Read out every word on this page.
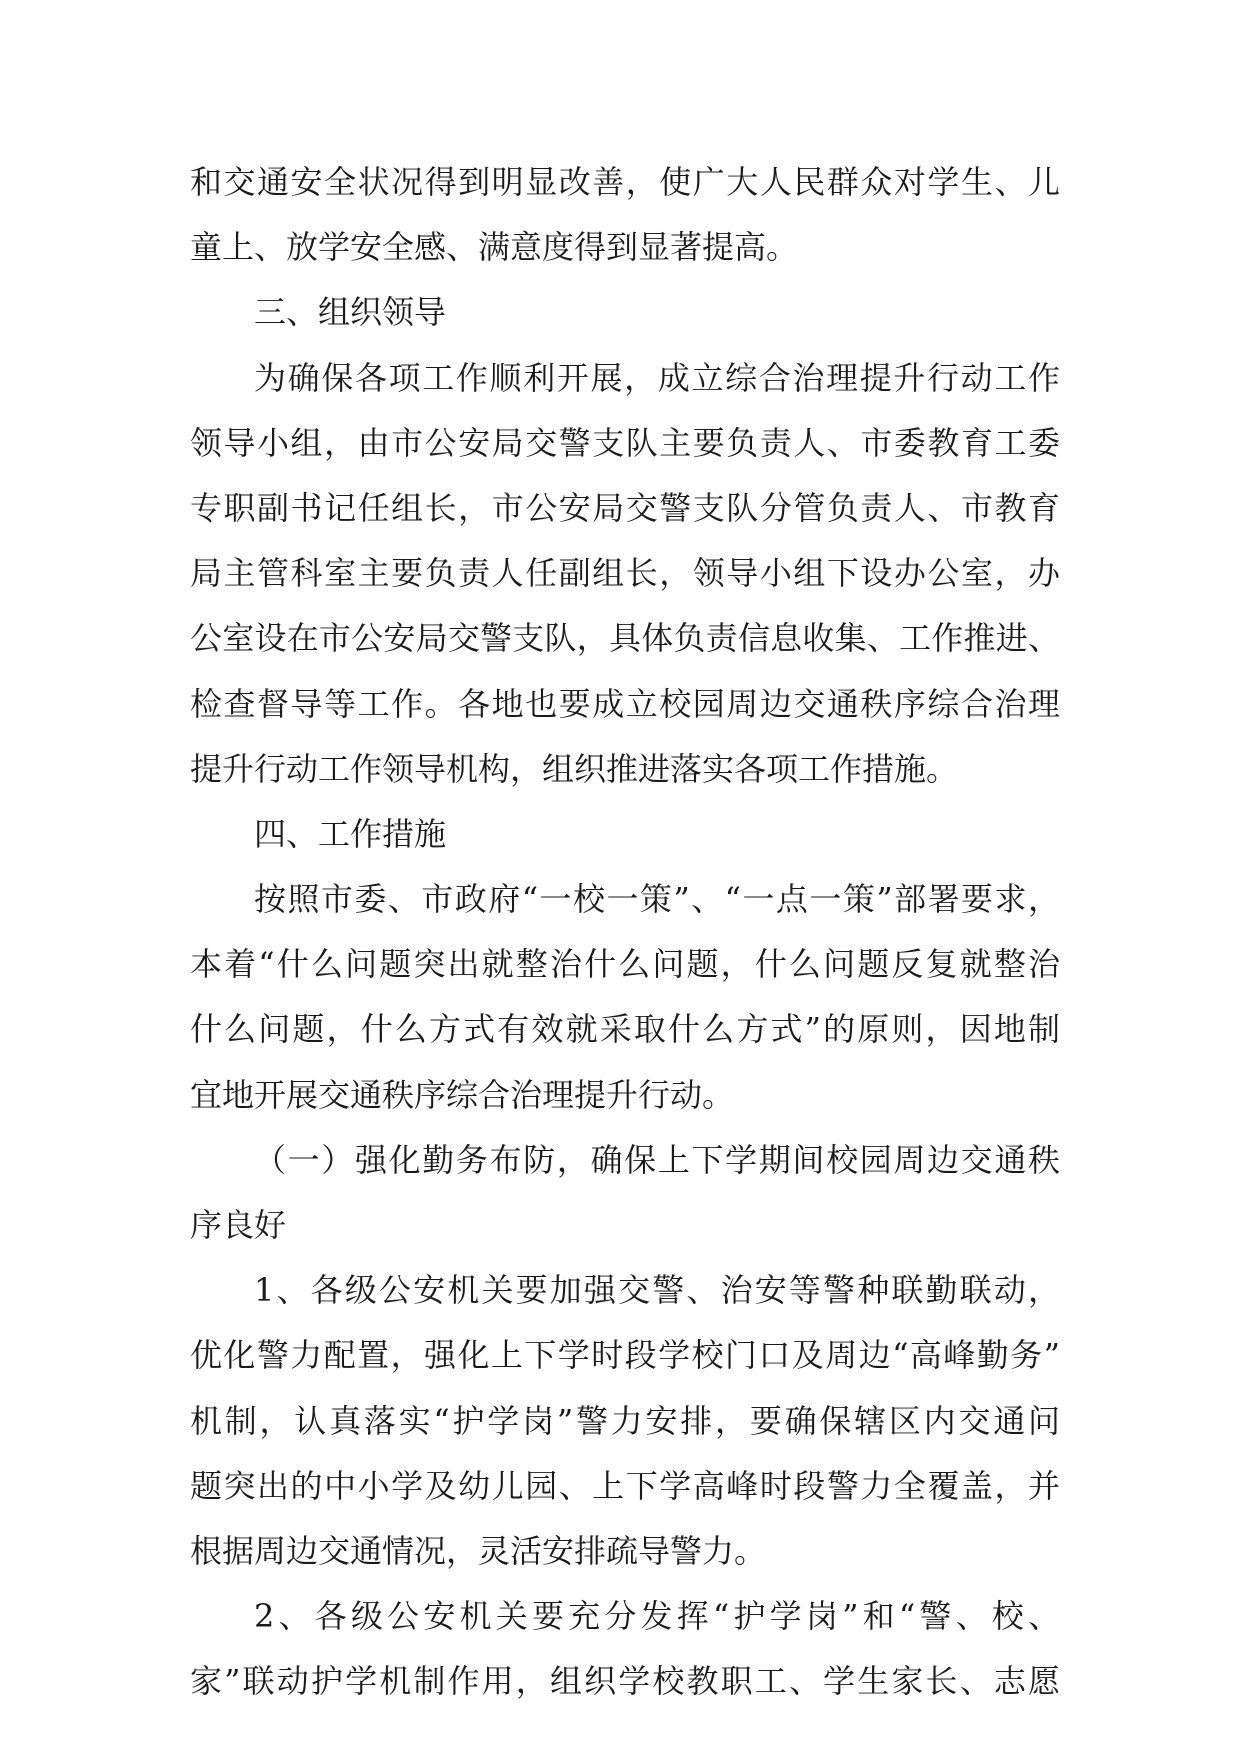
和交通安全状况得到明显改善，使广大人民群众对学生、儿
童上、放学安全感、满意度得到显著提高。
三、组织领导
为确保各项工作顺利开展，成立综合治理提升行动工作
领导小组，由市公安局交警支队主要负责人、市委教育工委
专职副书记任组长，市公安局交警支队分管负责人、市教育
局主管科室主要负责人任副组长，领导小组下设办公室，办
公室设在市公安局交警支队，具体负责信息收集、工作推进、
检查督导等工作。各地也要成立校园周边交通秩序综合治理
提升行动工作领导机构，组织推进落实各项工作措施。
四、工作措施
按照市委、市政府“一校一策”、“一点一策”部署要求，
本着“什么问题突出就整治什么问题，什么问题反复就整治
什么问题，什么方式有效就采取什么方式”的原则，因地制
宜地开展交通秩序综合治理提升行动。
（一）强化勤务布防，确保上下学期间校园周边交通秩
序良好
1、各级公安机关要加强交警、治安等警种联勤联动，
优化警力配置，强化上下学时段学校门口及周边“高峰勤务”
机制，认真落实“护学岗”警力安排，要确保辖区内交通问
题突出的中小学及幼儿园、上下学高峰时段警力全覆盖，并
根据周边交通情况，灵活安排疏导警力。
2、各级公安机关要充分发挥“护学岗”和“警、校、
家”联动护学机制作用，组织学校教职工、学生家长、志愿
